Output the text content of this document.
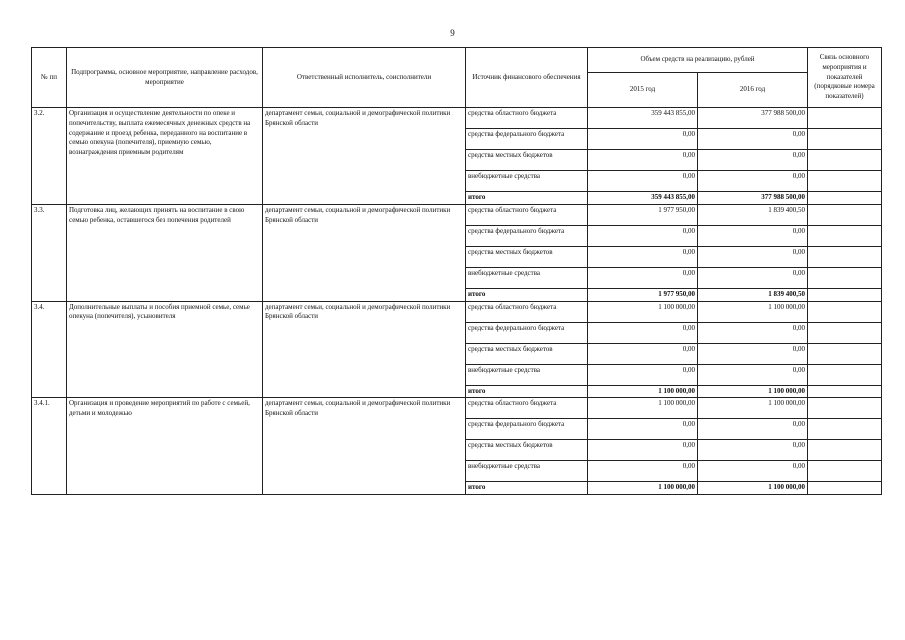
9
№ пп	Подпрограмма, основное мероприятие, направление расходов, мероприятие	Ответственный исполнитель, соисполнители	Источник финансового обеспечения	Объем средств на реализацию, рублей		Связь основного мероприятия и показателей (порядковые номера показателей)
				2015 год	2016 год	
3.2.	Организация и осуществление деятельности по опеке и попечительству, выплата ежемесячных денежных средств на содержание и проезд ребенка, переданного на воспитание в семью опекуна (попечителя), приемную семью, вознаграждения приемным родителям	департамент семьи, социальной и демографической политики Брянской области	средства областного бюджета	359 443 855,00	377 988 500,00	
			средства федерального бюджета	0,00	0,00	
			средства местных бюджетов	0,00	0,00	
			внебюджетные средства	0,00	0,00	
			итого	359 443 855,00	377 988 500,00	
3.3.	Подготовка лиц, желающих принять на воспитание в свою семью ребенка, оставшегося без попечения родителей	департамент семьи, социальной и демографической политики Брянской области	средства областного бюджета	1 977 950,00	1 839 400,50	
			средства федерального бюджета	0,00	0,00	
			средства местных бюджетов	0,00	0,00	
			внебюджетные средства	0,00	0,00	
			итого	1 977 950,00	1 839 400,50	
3.4.	Дополнительные выплаты и пособия приемной семье, семье опекуна (попечителя), усыновителя	департамент семьи, социальной и демографической политики Брянской области	средства областного бюджета	1 100 000,00	1 100 000,00	
			средства федерального бюджета	0,00	0,00	
			средства местных бюджетов	0,00	0,00	
			внебюджетные средства	0,00	0,00	
			итого	1 100 000,00	1 100 000,00	
3.4.1.	Организация и проведение мероприятий по работе с семьей, детьми и молодежью	департамент семьи, социальной и демографической политики Брянской области	средства областного бюджета	1 100 000,00	1 100 000,00	
			средства федерального бюджета	0,00	0,00	
			средства местных бюджетов	0,00	0,00	
			внебюджетные средства	0,00	0,00	
			итого	1 100 000,00	1 100 000,00	
